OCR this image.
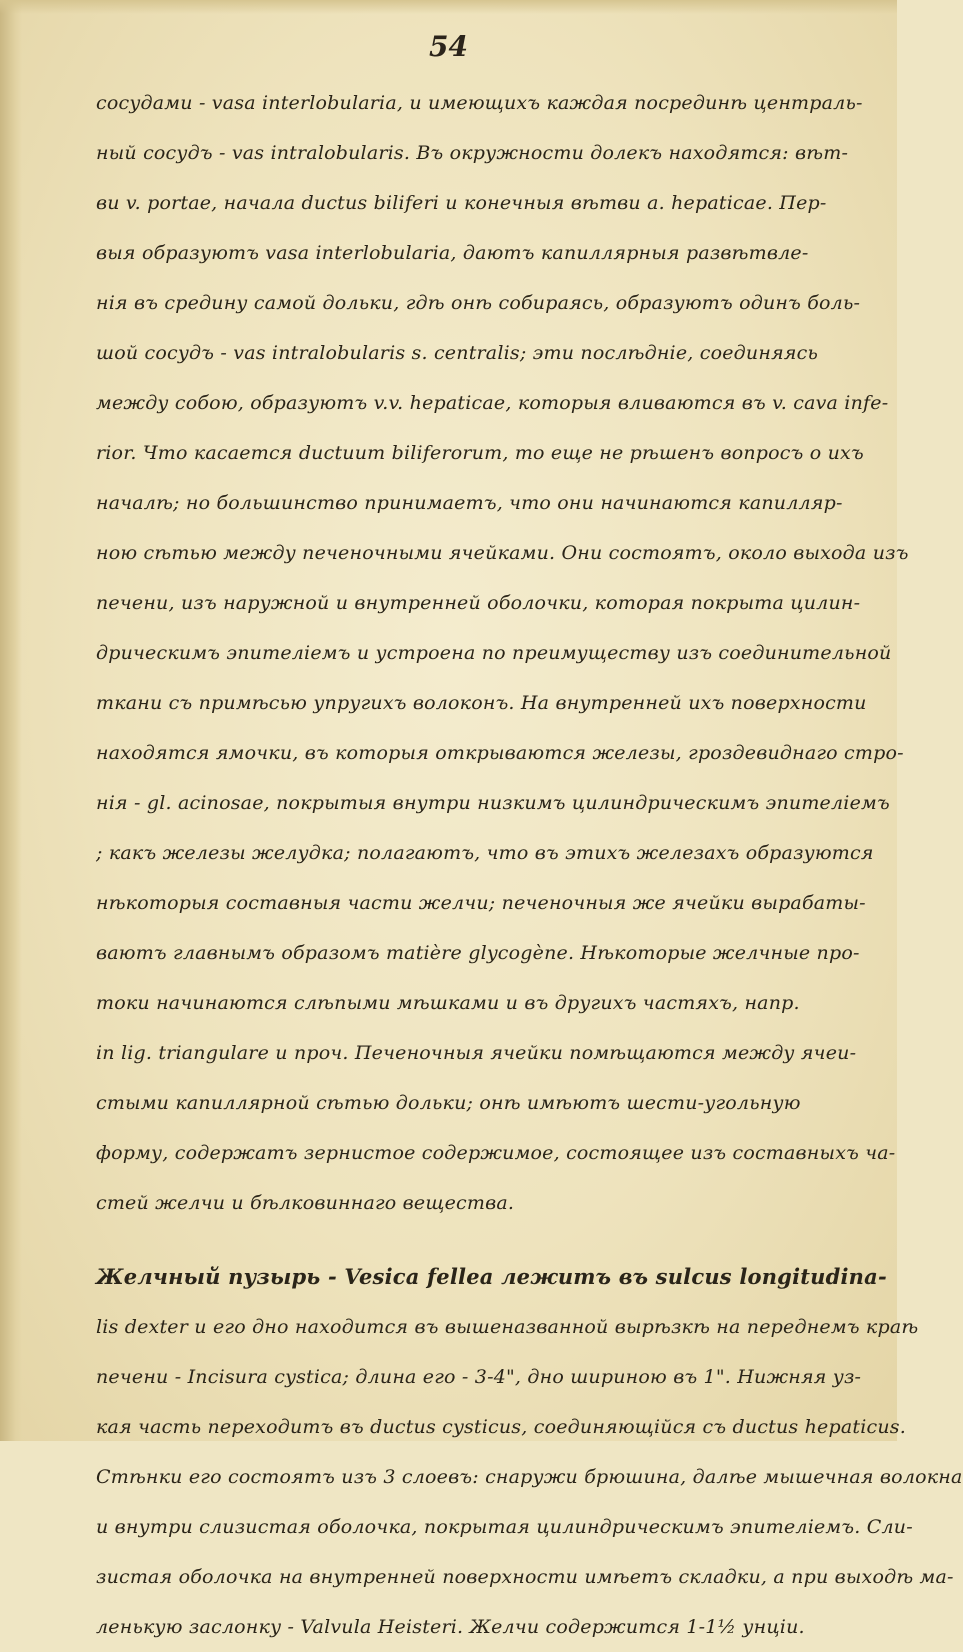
54
сосудами - vasa interlobularia, и имеющихъ каждая посрединѣ централь-
ный сосудъ - vas intralobularis. Въ окружности долекъ находятся: вѣт-
ви v. portae, начала ductus biliferi и конечныя вѣтви a. hepaticae. Пер-
выя образуютъ vasa interlobularia, даютъ капиллярныя развѣтвле-
нія въ средину самой дольки, гдѣ онѣ собираясь, образуютъ одинъ боль-
шой сосудъ - vas intralobularis s. centralis; эти послѣдніе, соединяясь
между собою, образуютъ v.v. hepaticae, которыя вливаются въ v. cava infe-
rior. Что касается ductuum biliferorum, то еще не рѣшенъ вопросъ о ихъ
началѣ; но большинство принимаетъ, что они начинаются капилляр-
ною сѣтью между печеночными ячейками. Они состоятъ, около выхода изъ
печени, изъ наружной и внутренней оболочки, которая покрыта цилин-
дрическимъ эпителіемъ и устроена по преимуществу изъ соединительной
ткани съ примѣсью упругихъ волоконъ. На внутренней ихъ поверхности
находятся ямочки, въ которыя открываются железы, гроздевиднаго стро-
нія - gl. acinosae, покрытыя внутри низкимъ цилиндрическимъ эпителіемъ
; какъ железы желудка; полагаютъ, что въ этихъ железахъ образуются
нѣкоторыя составныя части желчи; печеночныя же ячейки вырабаты-
ваютъ главнымъ образомъ matière glycogène. Нѣкоторые желчные про-
токи начинаются слѣпыми мѣшками и въ другихъ частяхъ, напр.
in lig. triangulare и проч. Печеночныя ячейки помѣщаются между ячеи-
стыми капиллярной сѣтью дольки; онѣ имѣютъ шести-угольную
форму, содержатъ зернистое содержимое, состоящее изъ составныхъ ча-
стей желчи и бѣлковиннаго вещества.
Желчный пузырь - Vesica fellea лежитъ въ sulcus longitudina-
lis dexter и его дно находится въ вышеназванной вырѣзкѣ на переднемъ краѣ
печени - Incisura cystica; длина его - 3-4", дно шириною въ 1". Нижняя уз-
кая часть переходитъ въ ductus cysticus, соединяющійся съ ductus hepaticus.
Стѣнки его состоятъ изъ 3 слоевъ: снаружи брюшина, далѣе мышечная волокна
и внутри слизистая оболочка, покрытая цилиндрическимъ эпителіемъ. Сли-
зистая оболочка на внутренней поверхности имѣетъ складки, а при выходѣ ма-
ленькую заслонку - Valvula Heisteri. Желчи содержится 1-1½ унціи.
